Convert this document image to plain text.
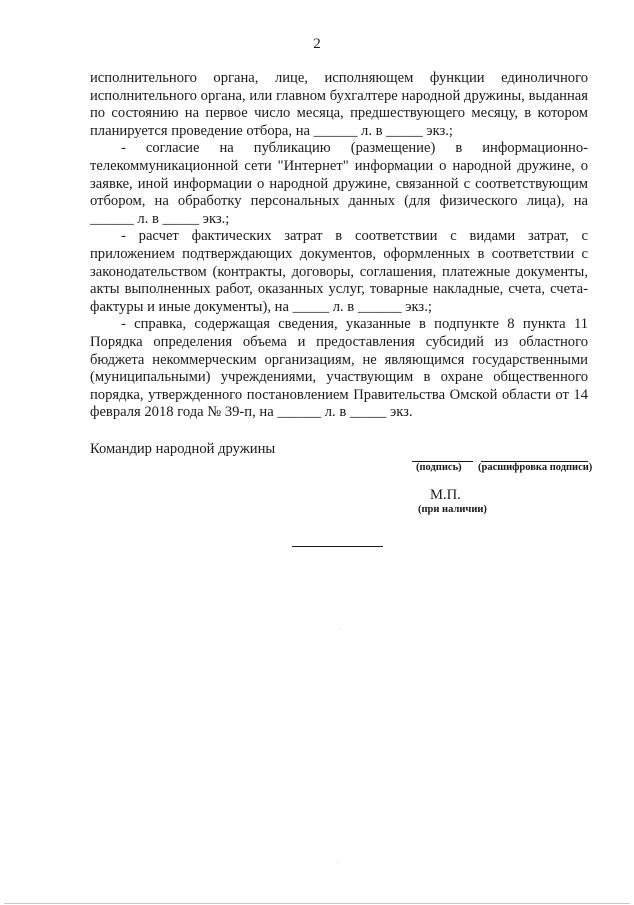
2

исполнительного органа, лице, исполняющем функции единоличного исполнительного органа, или главном бухгалтере народной дружины, выданная по состоянию на первое число месяца, предшествующего месяцу, в котором планируется проведение отбора, на ______ л. в _____ экз.;

- согласие на публикацию (размещение) в информационно-телекоммуникационной сети "Интернет" информации о народной дружине, о заявке, иной информации о народной дружине, связанной с соответствующим отбором, на обработку персональных данных (для физического лица), на ______ л. в _____ экз.;

- расчет фактических затрат в соответствии с видами затрат, с приложением подтверждающих документов, оформленных в соответствии с законодательством (контракты, договоры, соглашения, платежные документы, акты выполненных работ, оказанных услуг, товарные накладные, счета, счета-фактуры и иные документы), на _____ л. в ______ экз.;

- справка, содержащая сведения, указанные в подпункте 8 пункта 11 Порядка определения объема и предоставления субсидий из областного бюджета некоммерческим организациям, не являющимся государственными (муниципальными) учреждениями, участвующим в охране общественного порядка, утвержденного постановлением Правительства Омской области от 14 февраля 2018 года № 39-п, на ______ л. в _____ экз.

Командир народной дружины
(подпись) (расшифровка подписи)
М.П.
(при наличии)
ˎ
ˎ
